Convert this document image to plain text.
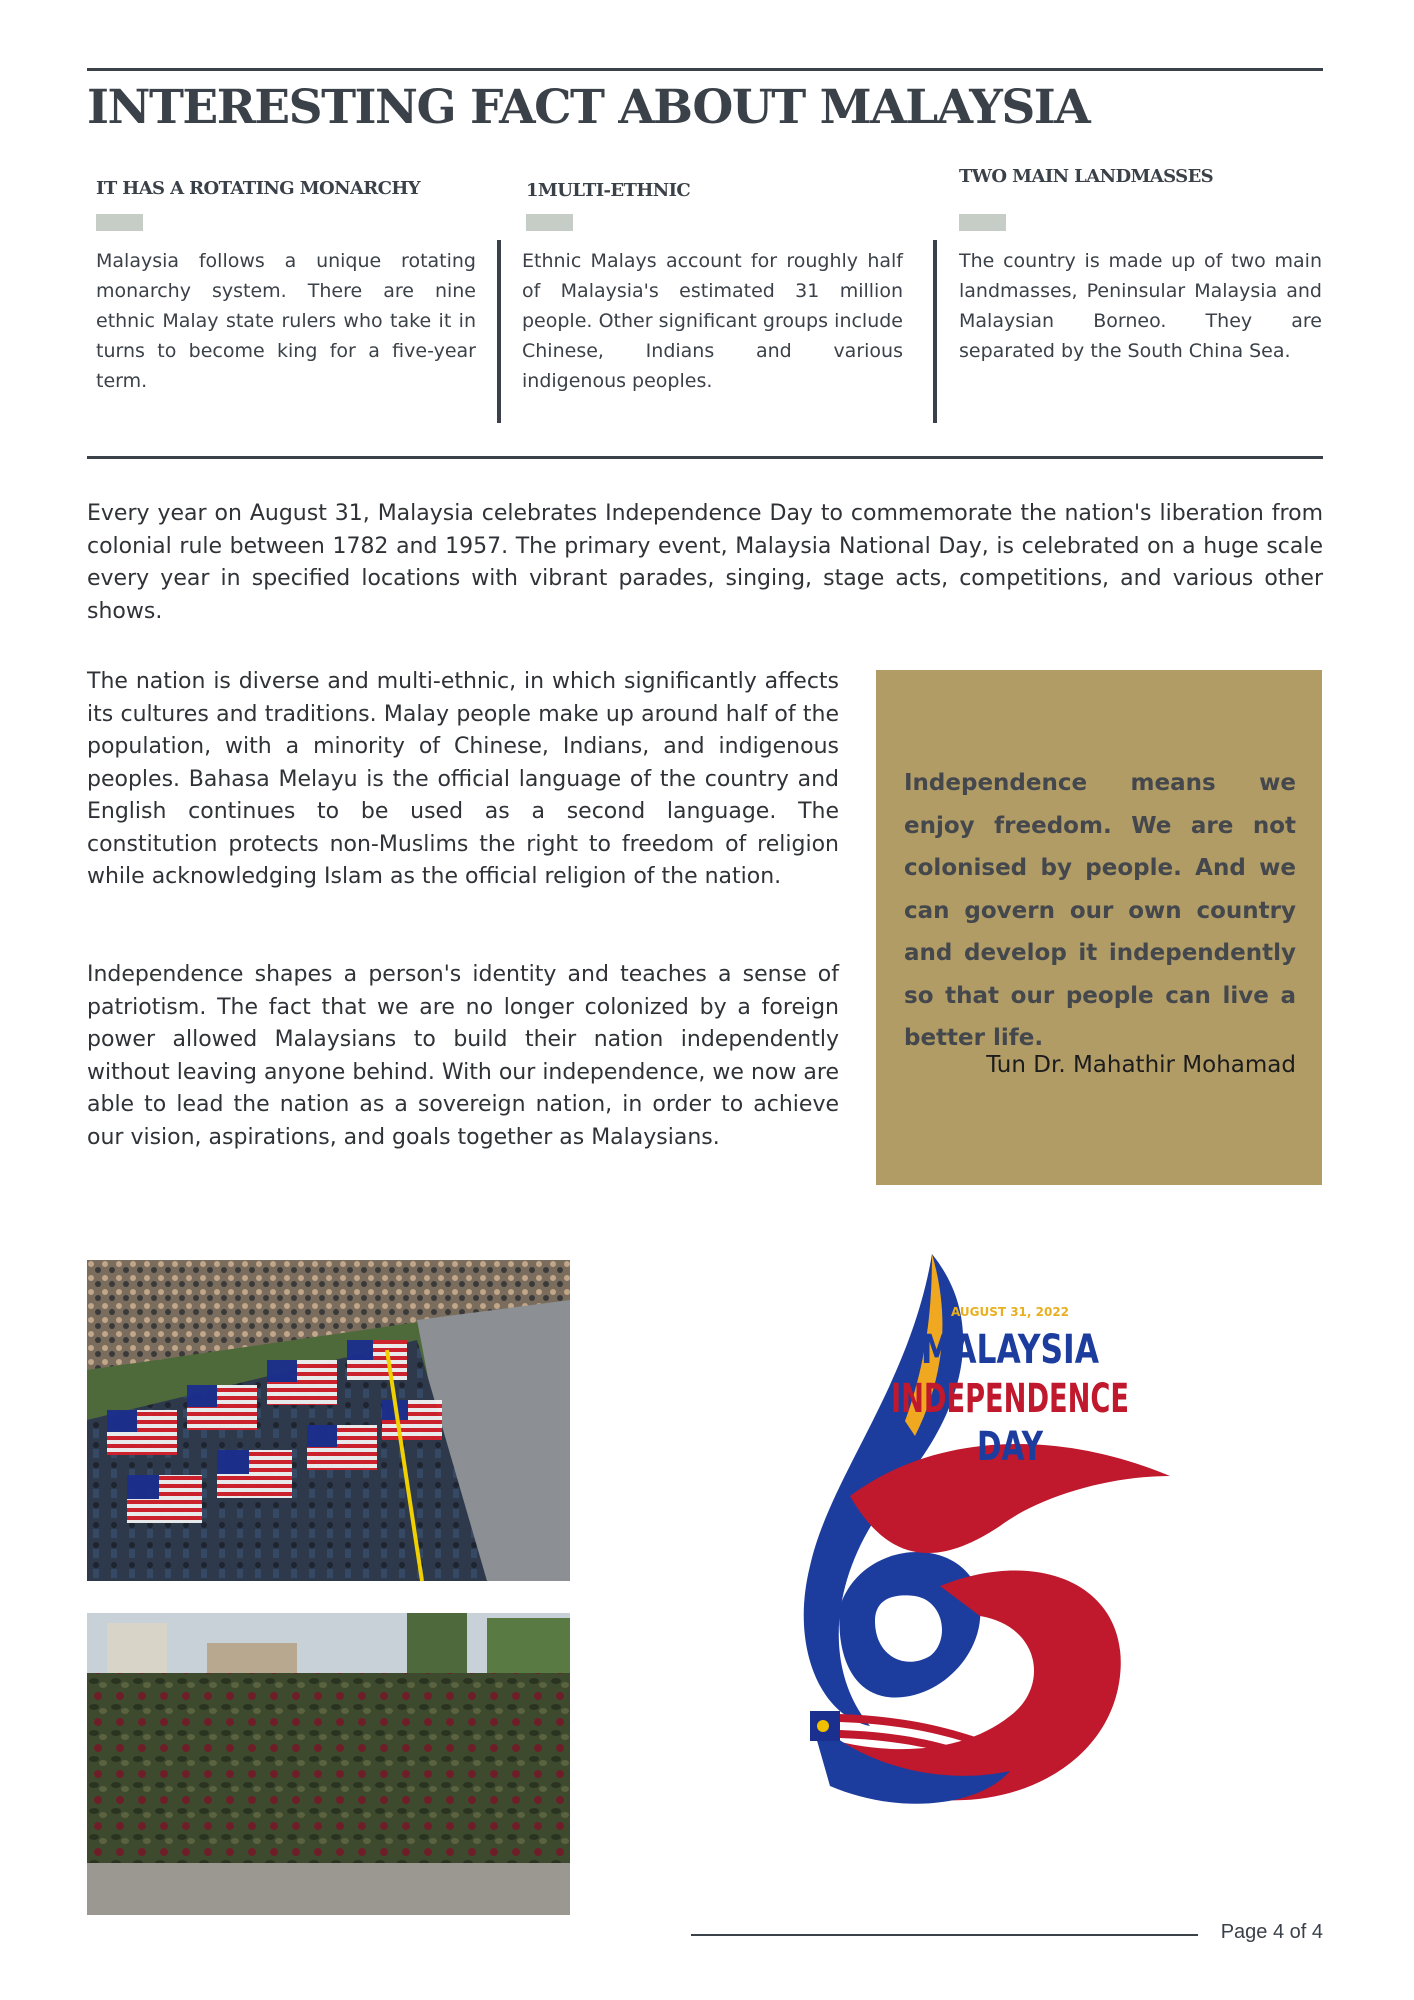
INTERESTING FACT ABOUT MALAYSIA
IT HAS A ROTATING MONARCHY

Malaysia follows a unique rotating monarchy system. There are nine ethnic Malay state rulers who take it in turns to become king for a five-year term.

1MULTI-ETHNIC

Ethnic Malays account for roughly half of Malaysia's estimated 31 million people. Other significant groups include Chinese, Indians and various indigenous peoples.

TWO MAIN LANDMASSES

The country is made up of two main landmasses, Peninsular Malaysia and Malaysian Borneo. They are separated by the South China Sea.

Every year on August 31, Malaysia celebrates Independence Day to commemorate the nation's liberation from colonial rule between 1782 and 1957. The primary event, Malaysia National Day, is celebrated on a huge scale every year in specified locations with vibrant parades, singing, stage acts, competitions, and various other shows.

The nation is diverse and multi-ethnic, in which significantly affects its cultures and traditions. Malay people make up around half of the population, with a minority of Chinese, Indians, and indigenous peoples. Bahasa Melayu is the official language of the country and English continues to be used as a second language. The constitution protects non-Muslims the right to freedom of religion while acknowledging Islam as the official religion of the nation.

Independence shapes a person's identity and teaches a sense of patriotism. The fact that we are no longer colonized by a foreign power allowed Malaysians to build their nation independently without leaving anyone behind. With our independence, we now are able to lead the nation as a sovereign nation, in order to achieve our vision, aspirations, and goals together as Malaysians.

Independence means we enjoy freedom. We are not colonised by people. And we can govern our own country and develop it independently so that our people can live a better life.

Tun Dr. Mahathir Mohamad

AUGUST 31, 2022
MALAYSIA
INDEPENDENCE
DAY

Page 4 of 4
